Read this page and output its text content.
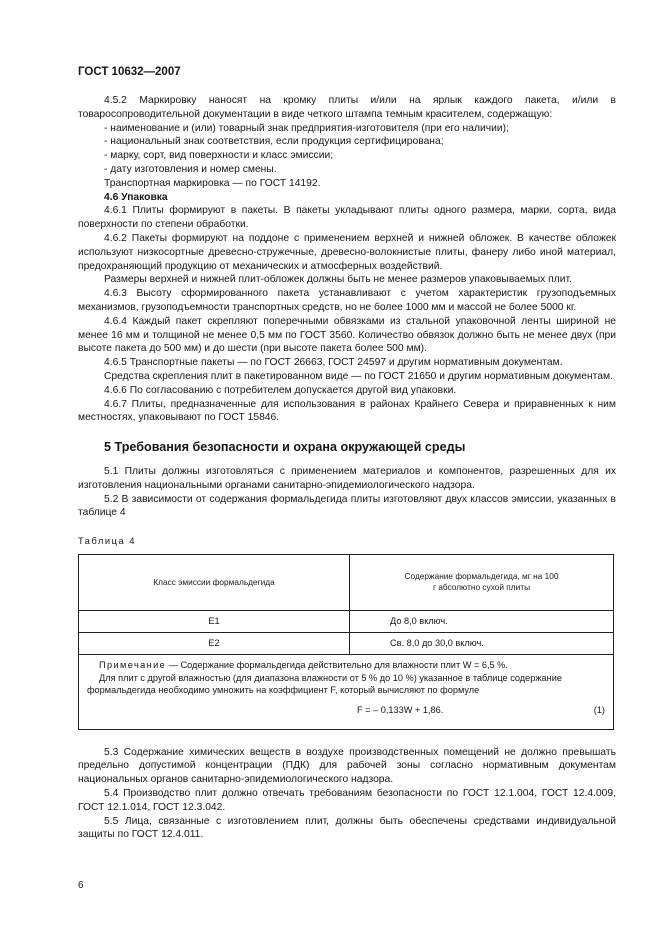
ГОСТ 10632—2007

4.5.2 Маркировку наносят на кромку плиты и/или на ярлык каждого пакета, и/или в товаросопроводительной документации в виде четкого штампа темным красителем, содержащую:

- наименование и (или) товарный знак предприятия-изготовителя (при его наличии);

- национальный знак соответствия, если продукция сертифицирована;

- марку, сорт, вид поверхности и класс эмиссии;

- дату изготовления и номер смены.

Транспортная маркировка — по ГОСТ 14192.

4.6 Упаковка

4.6.1 Плиты формируют в пакеты. В пакеты укладывают плиты одного размера, марки, сорта, вида поверхности по степени обработки.

4.6.2 Пакеты формируют на поддоне с применением верхней и нижней обложек. В качестве обложек используют низкосортные древесно-стружечные, древесно-волокнистые плиты, фанеру либо иной материал, предохраняющий продукцию от механических и атмосферных воздействий.

Размеры верхней и нижней плит-обложек должны быть не менее размеров упаковываемых плит.

4.6.3 Высоту сформированного пакета устанавливают с учетом характеристик грузоподъемных механизмов, грузоподъемности транспортных средств, но не более 1000 мм и массой не более 5000 кг.

4.6.4 Каждый пакет скрепляют поперечными обвязками из стальной упаковочной ленты шириной не менее 16 мм и толщиной не менее 0,5 мм по ГОСТ 3560. Количество обвязок должно быть не менее двух (при высоте пакета до 500 мм) и до шести (при высоте пакета более 500 мм).

4.6.5 Транспортные пакеты — по ГОСТ 26663, ГОСТ 24597 и другим нормативным документам.

Средства скрепления плит в пакетированном виде — по ГОСТ 21650 и другим нормативным документам.

4.6.6 По согласованию с потребителем допускается другой вид упаковки.

4.6.7 Плиты, предназначенные для использования в районах Крайнего Севера и приравненных к ним местностях, упаковывают по ГОСТ 15846.

5 Требования безопасности и охрана окружающей среды

5.1 Плиты должны изготовляться с применением материалов и компонентов, разрешенных для их изготовления национальными органами санитарно-эпидемиологического надзора.

5.2 В зависимости от содержания формальдегида плиты изготовляют двух классов эмиссии, указанных в таблице 4

Таблица 4
Класс эмиссии формальдегида	Содержание формальдегида, мг на 100 г абсолютно сухой плиты
E1	До 8,0 включ.
E2	Св. 8,0 до 30,0 включ.

Примечание — Содержание формальдегида действительно для влажности плит W = 6,5 %.

Для плит с другой влажностью (для диапазона влажности от 5 % до 10 %) указанное в таблице содержание формальдегида необходимо умножить на коэффициент F, который вычисляют по формуле

F = – 0,133W + 1,86. (1)	

5.3 Содержание химических веществ в воздухе производственных помещений не должно превышать предельно допустимой концентрации (ПДК) для рабочей зоны согласно нормативным документам национальных органов санитарно-эпидемиологического надзора.

5.4 Производство плит должно отвечать требованиям безопасности по ГОСТ 12.1.004, ГОСТ 12.4.009, ГОСТ 12.1.014, ГОСТ 12.3.042.

5.5 Лица, связанные с изготовлением плит, должны быть обеспечены средствами индивидуальной защиты по ГОСТ 12.4.011.

6
